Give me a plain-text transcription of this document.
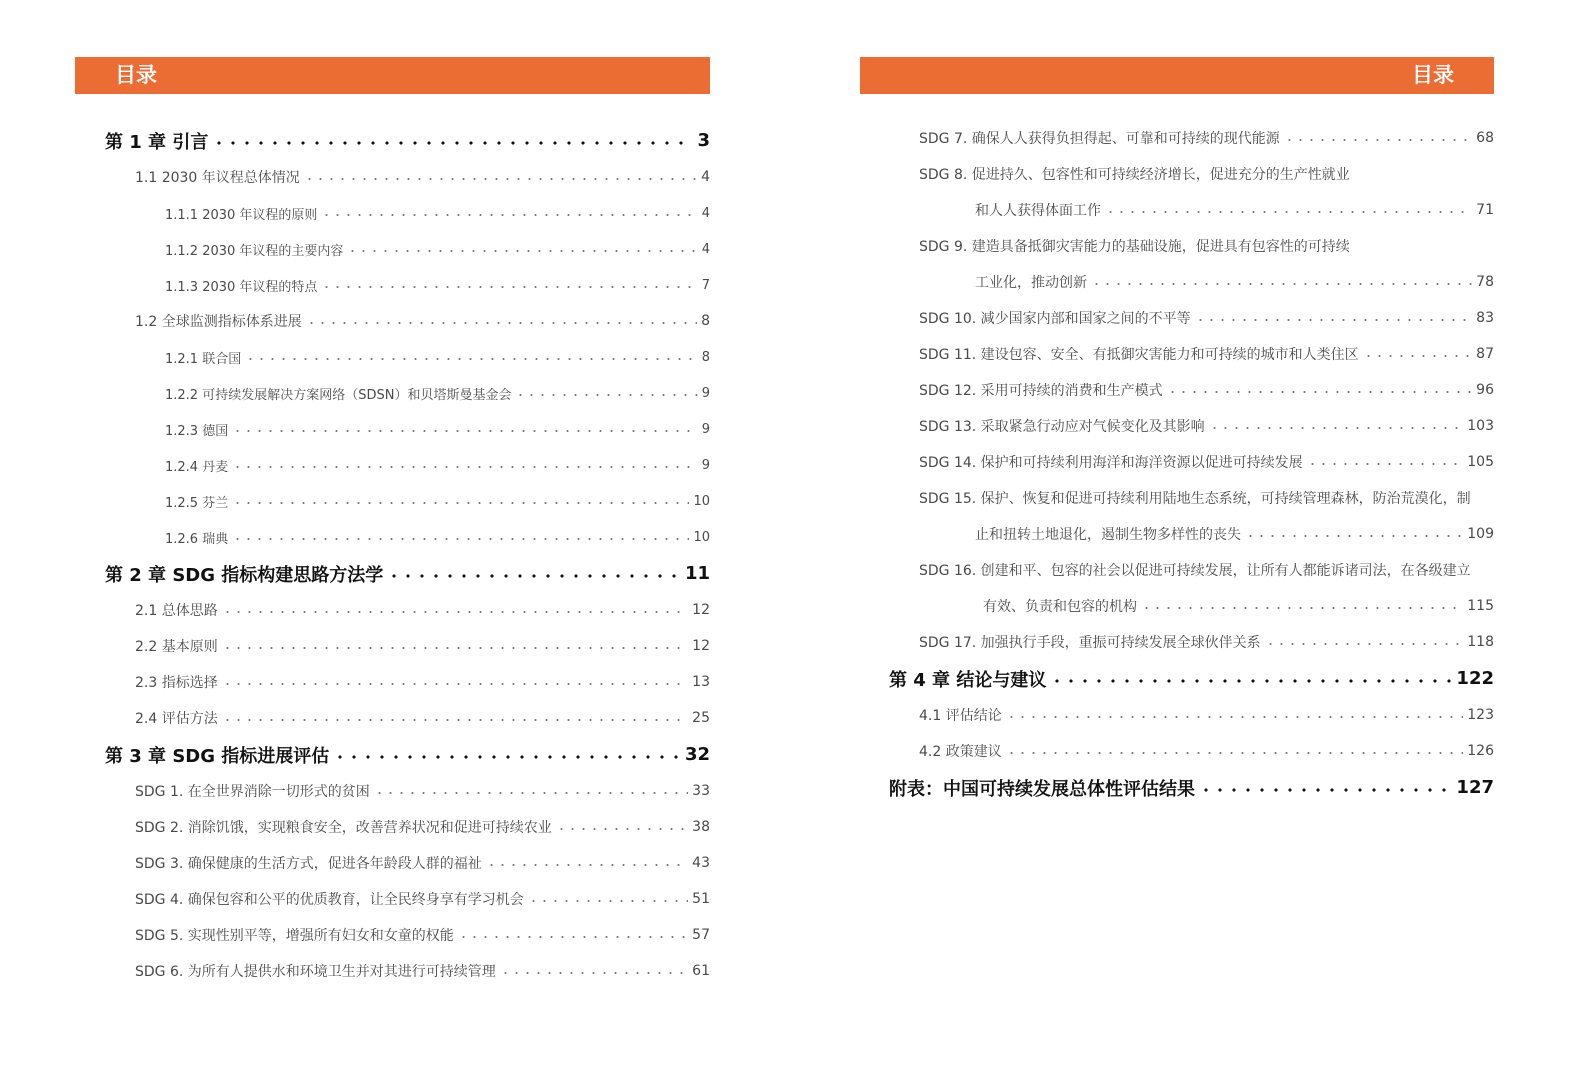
目录	目录
第 1 章 引言	3
1.1 2030 年议程总体情况	4
1.1.1 2030 年议程的原则	4
1.1.2 2030 年议程的主要内容	4
1.1.3 2030 年议程的特点	7
1.2 全球监测指标体系进展	8
1.2.1 联合国	8
1.2.2 可持续发展解决方案网络（SDSN）和贝塔斯曼基金会	9
1.2.3 德国	9
1.2.4 丹麦	9
1.2.5 芬兰	10
1.2.6 瑞典	10
第 2 章 SDG 指标构建思路方法学	11
2.1 总体思路	12
2.2 基本原则	12
2.3 指标选择	13
2.4 评估方法	25
第 3 章 SDG 指标进展评估	32
SDG 1. 在全世界消除一切形式的贫困	33
SDG 2. 消除饥饿，实现粮食安全，改善营养状况和促进可持续农业	38
SDG 3. 确保健康的生活方式，促进各年龄段人群的福祉	43
SDG 4. 确保包容和公平的优质教育，让全民终身享有学习机会	51
SDG 5. 实现性别平等，增强所有妇女和女童的权能	57
SDG 6. 为所有人提供水和环境卫生并对其进行可持续管理	61
SDG 7. 确保人人获得负担得起、可靠和可持续的现代能源	68
SDG 8. 促进持久、包容性和可持续经济增长，促进充分的生产性就业
和人人获得体面工作	71
SDG 9. 建造具备抵御灾害能力的基础设施，促进具有包容性的可持续
工业化，推动创新	78
SDG 10. 减少国家内部和国家之间的不平等	83
SDG 11. 建设包容、安全、有抵御灾害能力和可持续的城市和人类住区	87
SDG 12. 采用可持续的消费和生产模式	96
SDG 13. 采取紧急行动应对气候变化及其影响	103
SDG 14. 保护和可持续利用海洋和海洋资源以促进可持续发展	105
SDG 15. 保护、恢复和促进可持续利用陆地生态系统，可持续管理森林，防治荒漠化，制
止和扭转土地退化，遏制生物多样性的丧失	109
SDG 16. 创建和平、包容的社会以促进可持续发展，让所有人都能诉诸司法，在各级建立
有效、负责和包容的机构	115
SDG 17. 加强执行手段，重振可持续发展全球伙伴关系	118
第 4 章 结论与建议	122
4.1 评估结论	123
4.2 政策建议	126
附表：中国可持续发展总体性评估结果	127
